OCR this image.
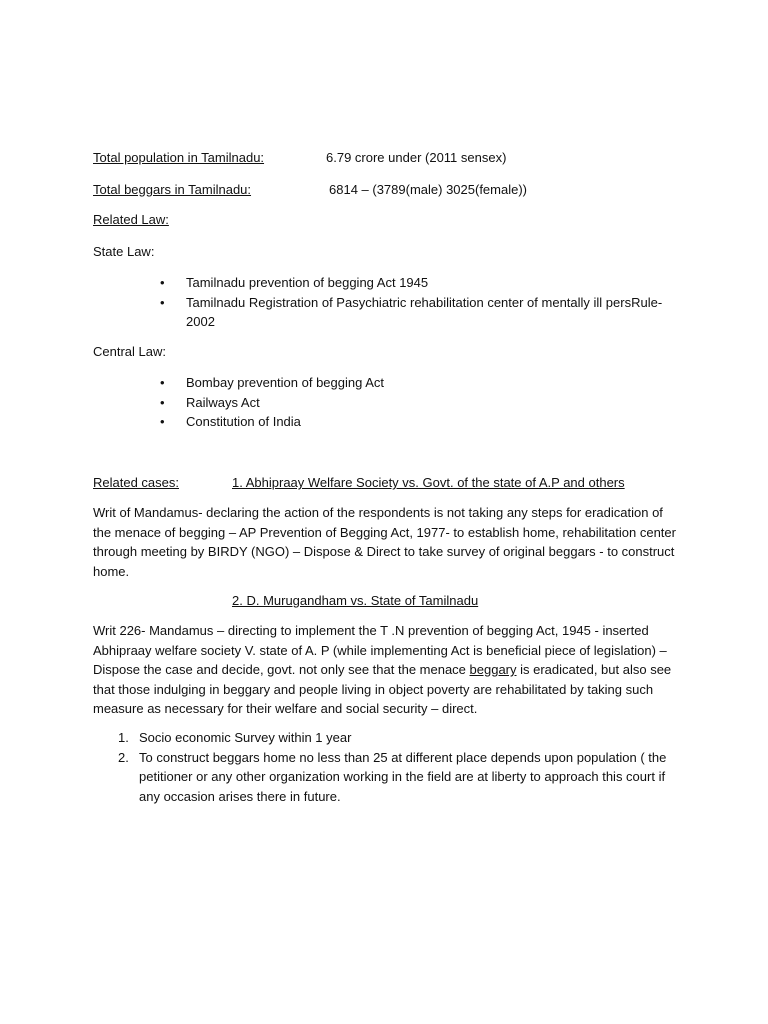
Total population in Tamilnadu:	6.79 crore under (2011 sensex)
Total beggars in Tamilnadu:	6814 – (3789(male) 3025(female))
Related Law:
State Law:
• Tamilnadu prevention of begging Act 1945
• Tamilnadu Registration of Pasychiatric rehabilitation center of mentally ill persRule-
2002
Central Law:
• Bombay prevention of begging Act
• Railways Act
• Constitution of India
Related cases:	1. Abhipraay Welfare Society vs. Govt. of the state of A.P and others

Writ of Mandamus- declaring the action of the respondents is not taking any steps for eradication of the menace of begging – AP Prevention of Begging Act, 1977- to establish home, rehabilitation center through meeting by BIRDY (NGO) – Dispose & Direct to take survey of original beggars - to construct home.

2. D. Murugandham vs. State of Tamilnadu

Writ 226- Mandamus – directing to implement the T .N prevention of begging Act, 1945 - inserted Abhipraay welfare society V. state of A. P (while implementing Act is beneficial piece of legislation) – Dispose the case and decide, govt. not only see that the menace beggary is eradicated, but also see that those indulging in beggary and people living in object poverty are rehabilitated by taking such measure as necessary for their welfare and social security – direct.

1. Socio economic Survey within 1 year
2. To construct beggars home no less than 25 at different place depends upon population ( the petitioner or any other organization working in the field are at liberty to approach this court if any occasion arises there in future.
